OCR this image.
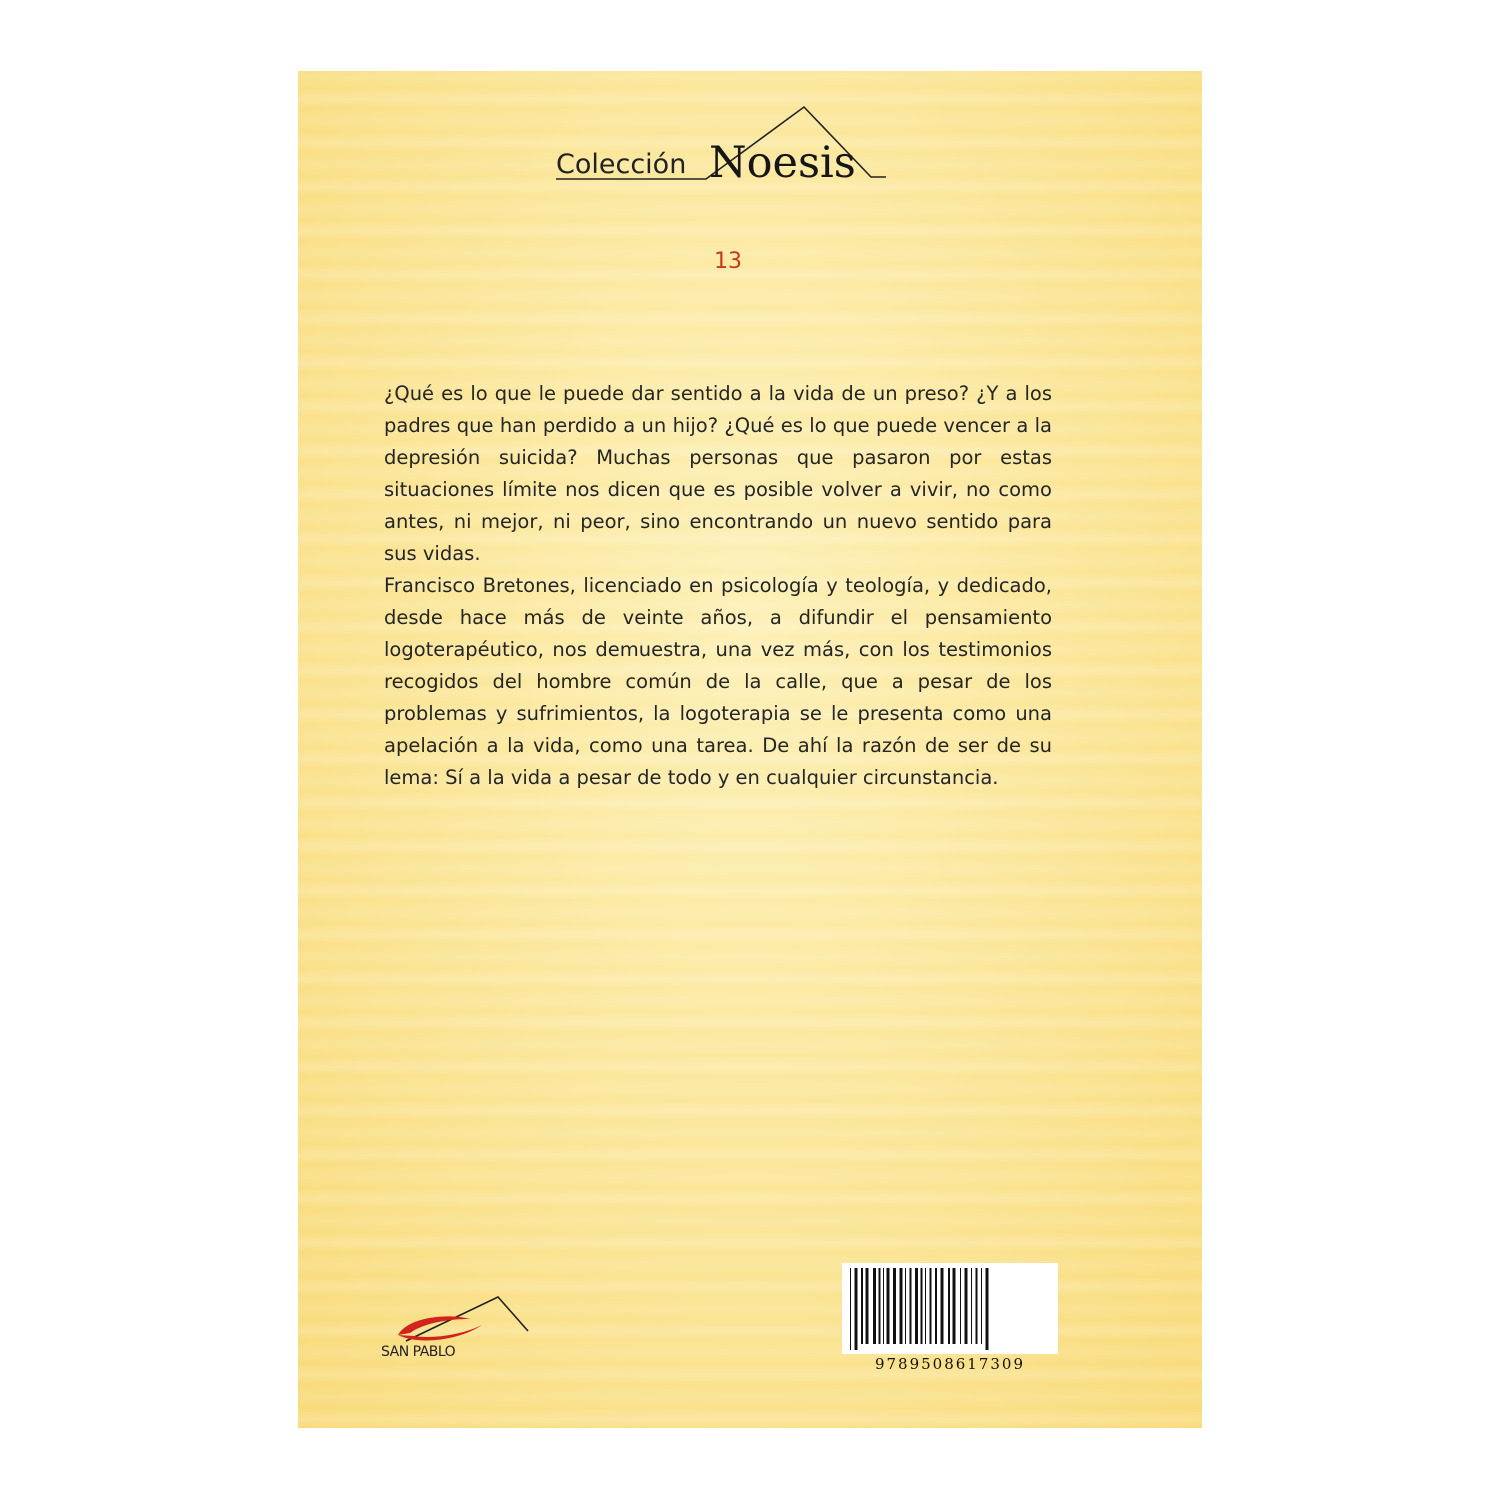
Colección Noesis
13

¿Qué es lo que le puede dar sentido a la vida de un preso? ¿Y a los padres que han perdido a un hijo? ¿Qué es lo que puede vencer a la depresión suicida? Muchas personas que pasaron por estas situaciones límite nos dicen que es posible volver a vivir, no como antes, ni mejor, ni peor, sino encontrando un nuevo sentido para sus vidas.

Francisco Bretones, licenciado en psicología y teología, y dedicado, desde hace más de veinte años, a difundir el pensamiento logoterapéutico, nos demuestra, una vez más, con los testimonios recogidos del hombre común de la calle, que a pesar de los problemas y sufrimientos, la logoterapia se le presenta como una apelación a la vida, como una tarea. De ahí la razón de ser de su lema: Sí a la vida a pesar de todo y en cualquier circunstancia.

SAN PABLO
9789508617309
